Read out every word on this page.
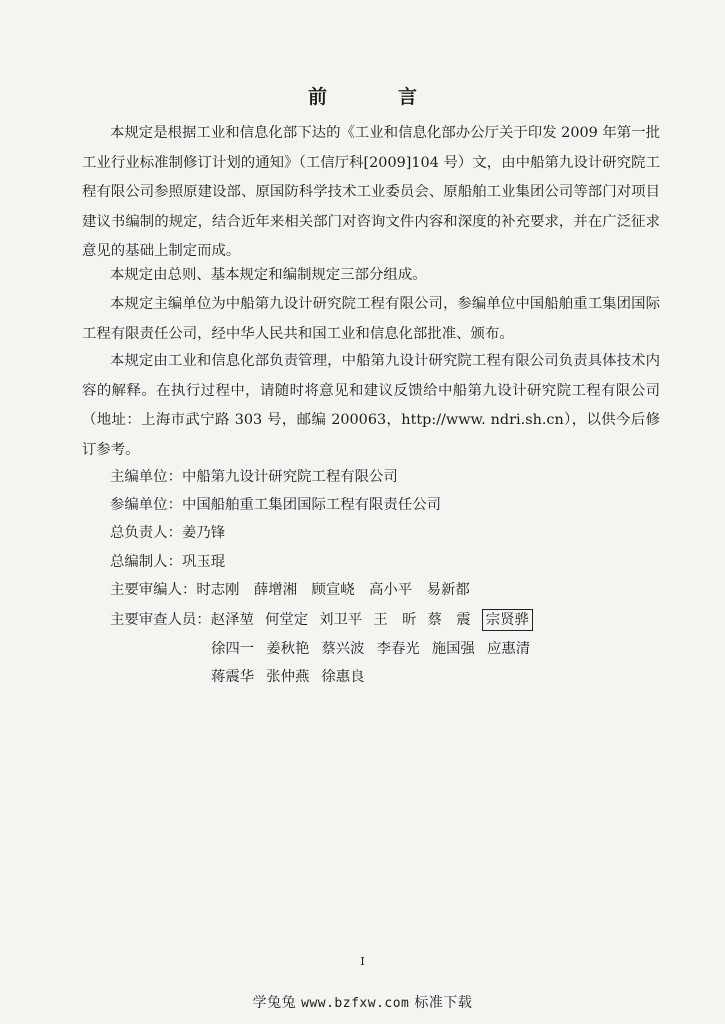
前　言

本规定是根据工业和信息化部下达的《工业和信息化部办公厅关于印发 2009 年第一批工业行业标准制修订计划的通知》（工信厅科[2009]104 号）文，由中船第九设计研究院工程有限公司参照原建设部、原国防科学技术工业委员会、原船舶工业集团公司等部门对项目建议书编制的规定，结合近年来相关部门对咨询文件内容和深度的补充要求，并在广泛征求意见的基础上制定而成。

本规定由总则、基本规定和编制规定三部分组成。

本规定主编单位为中船第九设计研究院工程有限公司，参编单位中国船舶重工集团国际工程有限责任公司，经中华人民共和国工业和信息化部批准、颁布。

本规定由工业和信息化部负责管理，中船第九设计研究院工程有限公司负责具体技术内容的解释。在执行过程中，请随时将意见和建议反馈给中船第九设计研究院工程有限公司（地址：上海市武宁路 303 号，邮编 200063，http://www. ndri.sh.cn），以供今后修订参考。

主编单位：中船第九设计研究院工程有限公司

参编单位：中国船舶重工集团国际工程有限责任公司

总负责人：姜乃锋

总编制人：巩玉琨

主要审编人：时志刚　薛增湘　顾宣峣　高小平　易新都

主要审查人员：赵泽堃 何堂定 刘卫平 王　昕 蔡　震 宗贤骅
徐四一 姜秋艳 蔡兴波 李春光 施国强 应惠清
蒋震华 张仲燕 徐惠良
I
学兔兔 www.bzfxw.com 标准下载
